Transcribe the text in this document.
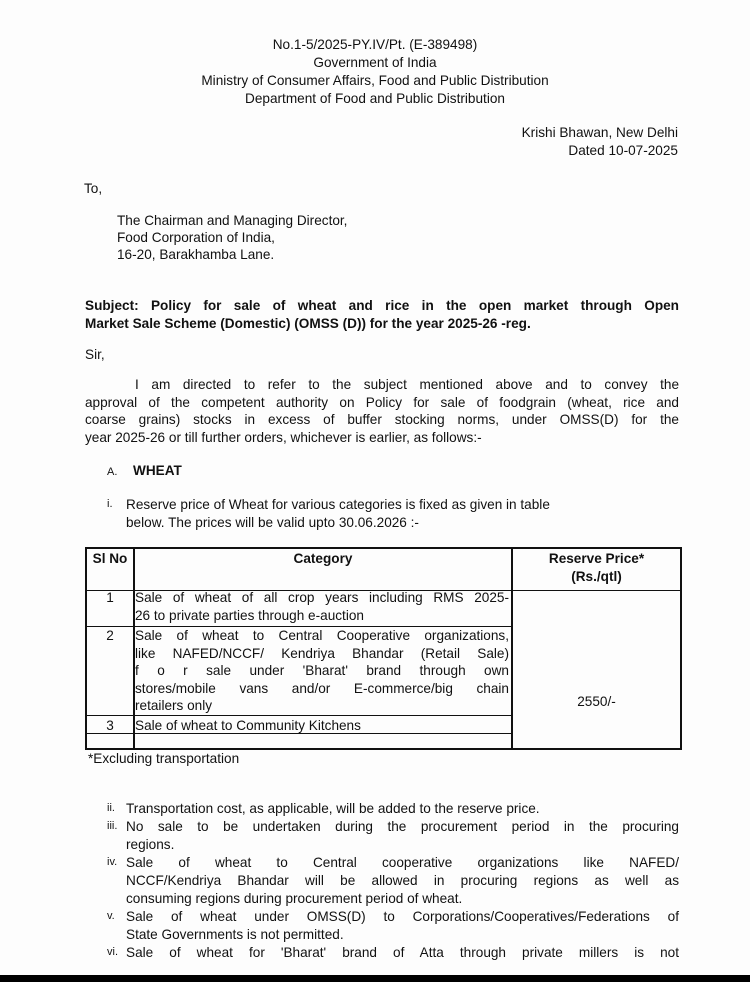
No.1-5/2025-PY.IV/Pt. (E-389498)
Government of India
Ministry of Consumer Affairs, Food and Public Distribution
Department of Food and Public Distribution
Krishi Bhawan, New Delhi
Dated 10-07-2025
To,
The Chairman and Managing Director,
Food Corporation of India,
16-20, Barakhamba Lane.
Subject: Policy for sale of wheat and rice in the open market through Open
Market Sale Scheme (Domestic) (OMSS (D)) for the year 2025-26 -reg.
Sir,
I am directed to refer to the subject mentioned above and to convey the
approval of the competent authority on Policy for sale of foodgrain (wheat, rice and
coarse grains) stocks in excess of buffer stocking norms, under OMSS(D) for the
year 2025-26 or till further orders, whichever is earlier, as follows:-
A. WHEAT
i. Reserve price of Wheat for various categories is fixed as given in table
below. The prices will be valid upto 30.06.2026 :-
Sl No	Category	Reserve Price*
(Rs./qtl)
1	Sale of wheat of all crop years including RMS 2025-
26 to private parties through e-auction
2	Sale of wheat to Central Cooperative organizations,
like NAFED/NCCF/ Kendriya Bhandar (Retail Sale)
f o r sale under 'Bharat' brand through own
stores/mobile vans and/or E-commerce/big chain
retailers only
3	Sale of wheat to Community Kitchens
2550/-
*Excluding transportation
ii. Transportation cost, as applicable, will be added to the reserve price.
iii. No sale to be undertaken during the procurement period in the procuring
regions.
iv. Sale of wheat to Central cooperative organizations like NAFED/
NCCF/Kendriya Bhandar will be allowed in procuring regions as well as
consuming regions during procurement period of wheat.
v. Sale of wheat under OMSS(D) to Corporations/Cooperatives/Federations of
State Governments is not permitted.
vi. Sale of wheat for 'Bharat' brand of Atta through private millers is not
